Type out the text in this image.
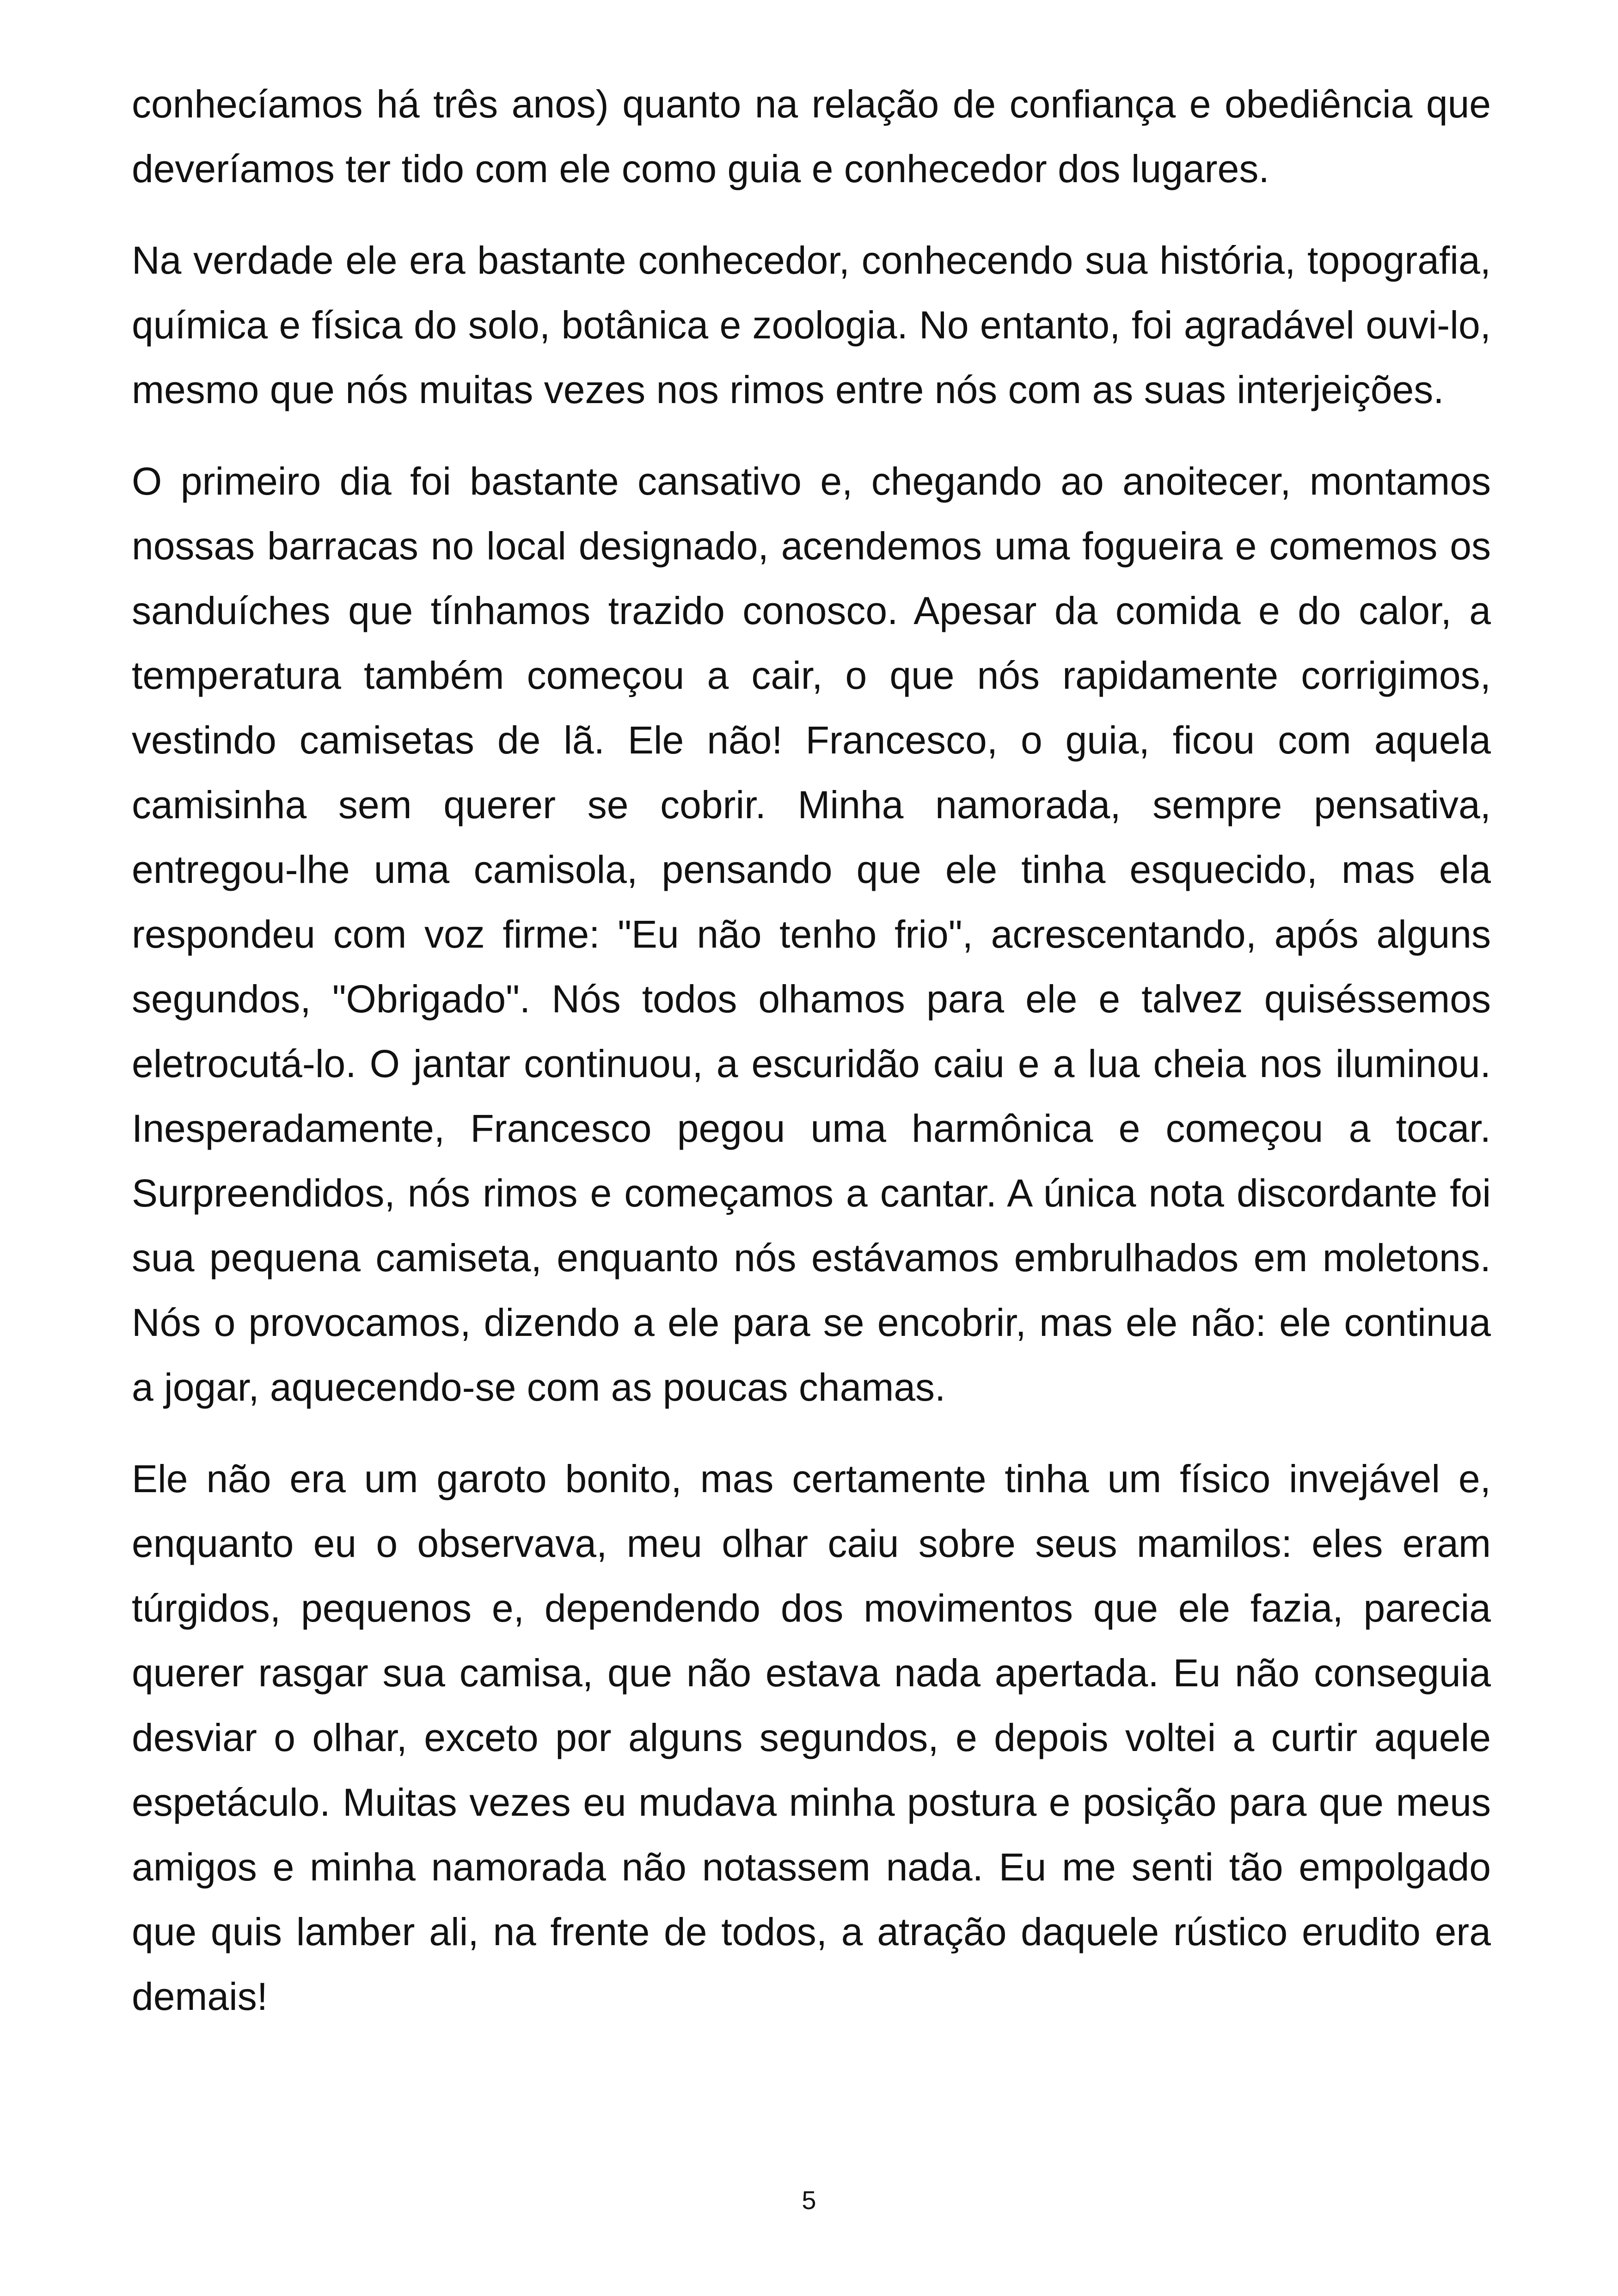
conhecíamos há três anos) quanto na relação de confiança e obediência que deveríamos ter tido com ele como guia e conhecedor dos lugares.

Na verdade ele era bastante conhecedor, conhecendo sua história, topografia, química e física do solo, botânica e zoologia. No entanto, foi agradável ouvi-lo, mesmo que nós muitas vezes nos rimos entre nós com as suas interjeições.

O primeiro dia foi bastante cansativo e, chegando ao anoitecer, montamos nossas barracas no local designado, acendemos uma fogueira e comemos os sanduíches que tínhamos trazido conosco. Apesar da comida e do calor, a temperatura também começou a cair, o que nós rapidamente corrigimos, vestindo camisetas de lã. Ele não! Francesco, o guia, ficou com aquela camisinha sem querer se cobrir. Minha namorada, sempre pensativa, entregou-lhe uma camisola, pensando que ele tinha esquecido, mas ela respondeu com voz firme: "Eu não tenho frio", acrescentando, após alguns segundos, "Obrigado". Nós todos olhamos para ele e talvez quiséssemos eletrocutá-lo. O jantar continuou, a escuridão caiu e a lua cheia nos iluminou. Inesperadamente, Francesco pegou uma harmônica e começou a tocar. Surpreendidos, nós rimos e começamos a cantar. A única nota discordante foi sua pequena camiseta, enquanto nós estávamos embrulhados em moletons. Nós o provocamos, dizendo a ele para se encobrir, mas ele não: ele continua a jogar, aquecendo-se com as poucas chamas.

Ele não era um garoto bonito, mas certamente tinha um físico invejável e, enquanto eu o observava, meu olhar caiu sobre seus mamilos: eles eram túrgidos, pequenos e, dependendo dos movimentos que ele fazia, parecia querer rasgar sua camisa, que não estava nada apertada. Eu não conseguia desviar o olhar, exceto por alguns segundos, e depois voltei a curtir aquele espetáculo. Muitas vezes eu mudava minha postura e posição para que meus amigos e minha namorada não notassem nada. Eu me senti tão empolgado que quis lamber ali, na frente de todos, a atração daquele rústico erudito era demais!

5
